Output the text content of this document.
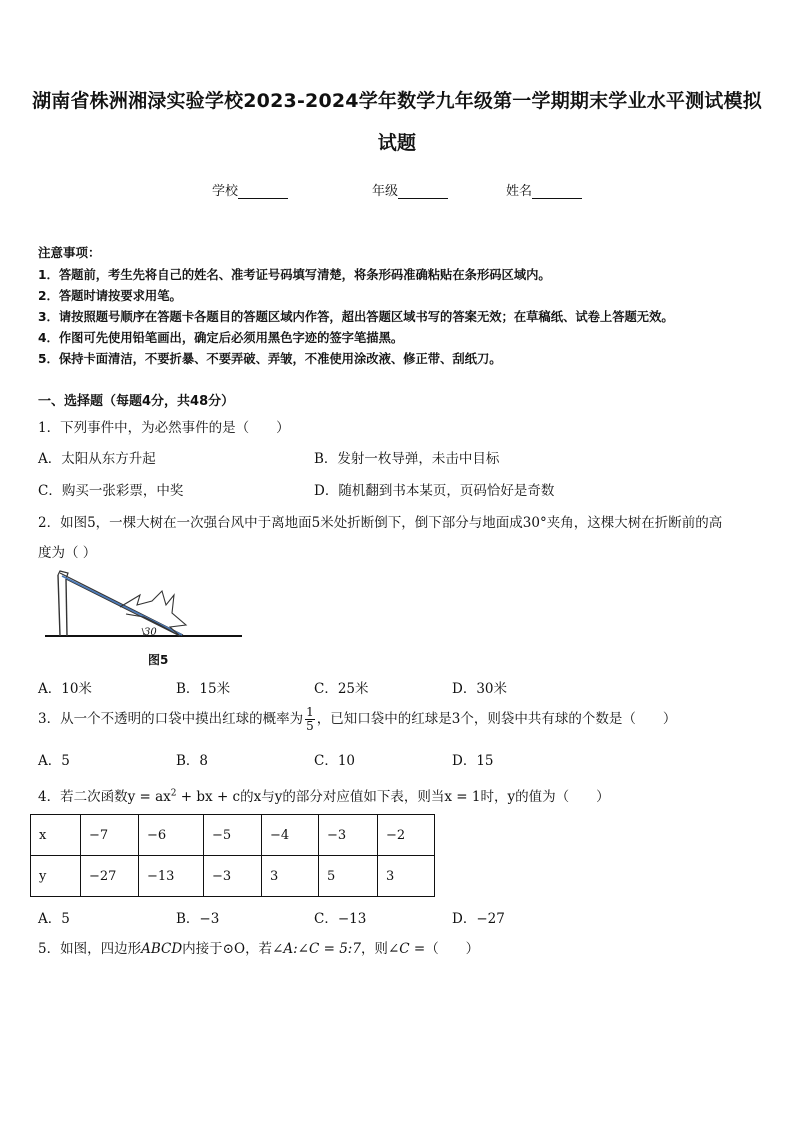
湖南省株洲湘渌实验学校2023-2024学年数学九年级第一学期期末学业水平测试模拟
试题
学校	年级	姓名
注意事项：
1．答题前，考生先将自己的姓名、准考证号码填写清楚，将条形码准确粘贴在条形码区域内。
2．答题时请按要求用笔。
3．请按照题号顺序在答题卡各题目的答题区域内作答，超出答题区域书写的答案无效；在草稿纸、试卷上答题无效。
4．作图可先使用铅笔画出，确定后必须用黑色字迹的签字笔描黑。
5．保持卡面清洁，不要折暴、不要弄破、弄皱，不准使用涂改液、修正带、刮纸刀。
一、选择题（每题4分，共48分）
1．下列事件中，为必然事件的是（　　）
A．太阳从东方升起	B．发射一枚导弹，未击中目标
C．购买一张彩票，中奖	D．随机翻到书本某页，页码恰好是奇数
2．如图5，一棵大树在一次强台风中于离地面5米处折断倒下，倒下部分与地面成30°夹角，这棵大树在折断前的高
度为（ ）
30
图5
A．10米	B．15米	C．25米	D．30米
3．从一个不透明的口袋中摸出红球的概率为 $\frac{1}{5}$ ，已知口袋中的红球是3个，则袋中共有球的个数是（　　）
A．5	B．8	C．10	D．15
4．若二次函数$y = ax^2$ + bx + c的x与y的部分对应值如下表，则当x = 1时，y的值为（　　）
x	−7	−6	−5	−4	−3	−2
y	−27	−13	−3	3	5	3
A．5	B．−3	C．−13	D．−27
5．如图，四边形ABCD内接于⊙O，若∠A:∠C = 5:7，则∠C =（　　）
